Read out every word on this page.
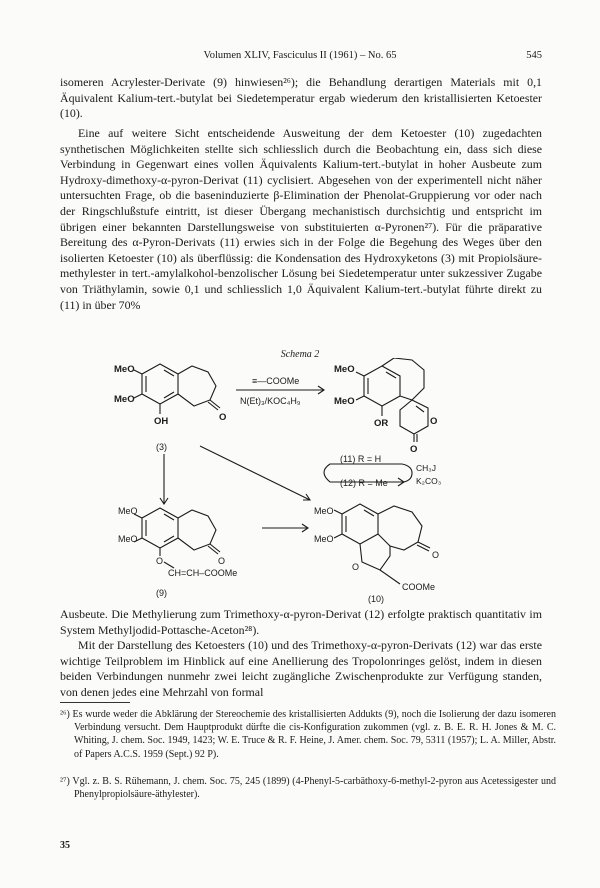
Volumen XLIV, Fasciculus II (1961) – No. 65	545

isomeren Acrylester-Derivate (9) hinwiesen²⁶); die Behandlung derartigen Materials mit 0,1 Äquivalent Kalium-tert.-butylat bei Siedetemperatur ergab wiederum den kristallisierten Ketoester (10).

Eine auf weitere Sicht entscheidende Ausweitung der dem Ketoester (10) zugedachten synthetischen Möglichkeiten stellte sich schliesslich durch die Beobachtung ein, dass sich diese Verbindung in Gegenwart eines vollen Äquivalents Kalium-tert.-butylat in hoher Ausbeute zum Hydroxy-dimethoxy-α-pyron-Derivat (11) cyclisiert. Abgesehen von der experimentell nicht näher untersuchten Frage, ob die baseninduzierte β-Elimination der Phenolat-Gruppierung vor oder nach der Ringschlußstufe eintritt, ist dieser Übergang mechanistisch durchsichtig und entspricht im übrigen einer bekannten Darstellungsweise von substituierten α-Pyronen²⁷). Für die präparative Bereitung des α-Pyron-Derivats (11) erwies sich in der Folge die Begehung des Weges über den isolierten Ketoester (10) als überflüssig: die Kondensation des Hydroxyketons (3) mit Propiolsäure-methylester in tert.-amylalkohol-benzolischer Lösung bei Siedetemperatur unter sukzessiver Zugabe von Triäthylamin, sowie 0,1 und schliesslich 1,0 Äquivalent Kalium-tert.-butylat führte direkt zu (11) in über 70%

Schema 2
MeO
MeO
OH	O
(3)
≡—COOMe
N(Et)₃/KOC₄H₉
MeO
MeO
OR	O
O
(11) R = H
(12) R = Me
CH₃J
K₂CO₃
MeO
MeO
O	O
CH=CH–COOMe
(9)
MeO
MeO
O
O
COOMe
(10)

Ausbeute. Die Methylierung zum Trimethoxy-α-pyron-Derivat (12) erfolgte praktisch quantitativ im System Methyljodid-Pottasche-Aceton²⁸).

Mit der Darstellung des Ketoesters (10) und des Trimethoxy-α-pyron-Derivats (12) war das erste wichtige Teilproblem im Hinblick auf eine Anellierung des Tropolonringes gelöst, indem in diesen beiden Verbindungen nunmehr zwei leicht zugängliche Zwischenprodukte zur Verfügung standen, von denen jedes eine Mehrzahl von formal

²⁶) Es wurde weder die Abklärung der Stereochemie des kristallisierten Addukts (9), noch die Isolierung der dazu isomeren Verbindung versucht. Dem Hauptprodukt dürfte die cis-Konfiguration zukommen (vgl. z. B. E. R. H. Jones & M. C. Whiting, J. chem. Soc. 1949, 1423; W. E. Truce & R. F. Heine, J. Amer. chem. Soc. 79, 5311 (1957); L. A. Miller, Abstr. of Papers A.C.S. 1959 (Sept.) 92 P).

²⁷) Vgl. z. B. S. Rühemann, J. chem. Soc. 75, 245 (1899) (4-Phenyl-5-carbäthoxy-6-methyl-2-pyron aus Acetessigester und Phenylpropiolsäure-äthylester).

35
